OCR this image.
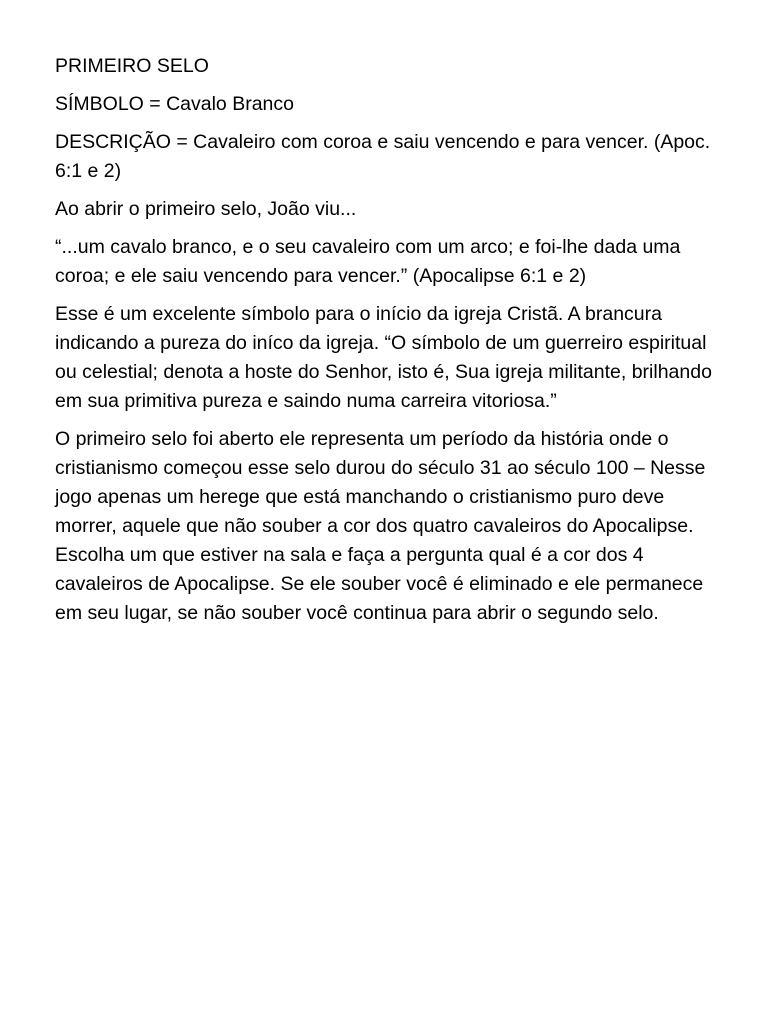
PRIMEIRO SELO

SÍMBOLO = Cavalo Branco

DESCRIÇÃO = Cavaleiro com coroa e saiu vencendo e para vencer. (Apoc. 6:1 e 2)

Ao abrir o primeiro selo, João viu...

“...um cavalo branco, e o seu cavaleiro com um arco; e foi-lhe dada uma coroa; e ele saiu vencendo para vencer.” (Apocalipse 6:1 e 2)

Esse é um excelente símbolo para o início da igreja Cristã. A brancura indicando a pureza do iníco da igreja. “O símbolo de um guerreiro espiritual ou celestial; denota a hoste do Senhor, isto é, Sua igreja militante, brilhando em sua primitiva pureza e saindo numa carreira vitoriosa.”

O primeiro selo foi aberto ele representa um período da história onde o cristianismo começou esse selo durou do século 31 ao século 100 – Nesse jogo apenas um herege que está manchando o cristianismo puro deve morrer, aquele que não souber a cor dos quatro cavaleiros do Apocalipse. Escolha um que estiver na sala e faça a pergunta qual é a cor dos 4 cavaleiros de Apocalipse. Se ele souber você é eliminado e ele permanece em seu lugar, se não souber você continua para abrir o segundo selo.
